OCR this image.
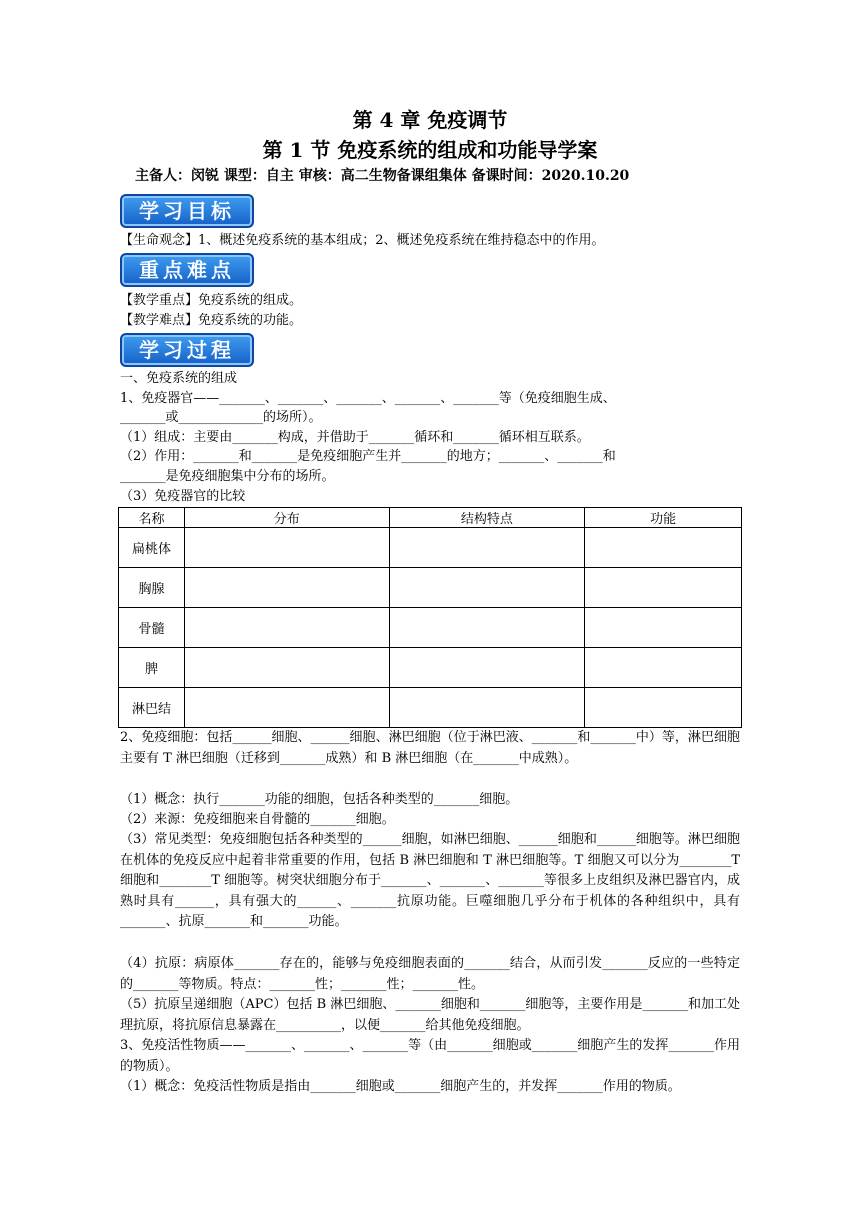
第 4 章 免疫调节
第 1 节 免疫系统的组成和功能导学案
主备人：闵锐 课型：自主 审核：高二生物备课组集体 备课时间：2020.10.20
学习目标
【生命观念】1、概述免疫系统的基本组成；2、概述免疫系统在维持稳态中的作用。
重点难点
【教学重点】免疫系统的组成。
【教学难点】免疫系统的功能。
学习过程
一、免疫系统的组成
1、免疫器官——_______、_______、_______、_______、_______等（免疫细胞生成、
_______或_____________的场所）。
（1）组成：主要由_______构成，并借助于_______循环和_______循环相互联系。
（2）作用：_______和_______是免疫细胞产生并_______的地方；_______、_______和
_______是免疫细胞集中分布的场所。
（3）免疫器官的比较
名称	分布	结构特点	功能
扁桃体			
胸腺			
骨髓			
脾			
淋巴结			
2、免疫细胞：包括______细胞、______细胞、淋巴细胞（位于淋巴液、_______和_______中）等，淋巴细胞主要有 T 淋巴细胞（迁移到_______成熟）和 B 淋巴细胞（在_______中成熟）。
（1）概念：执行_______功能的细胞，包括各种类型的_______细胞。
（2）来源：免疫细胞来自骨髓的_______细胞。
（3）常见类型：免疫细胞包括各种类型的______细胞，如淋巴细胞、______细胞和______细胞等。淋巴细胞在机体的免疫反应中起着非常重要的作用，包括 B 淋巴细胞和 T 淋巴细胞等。T 细胞又可以分为________T 细胞和________T 细胞等。树突状细胞分布于_______、_______、_______等很多上皮组织及淋巴器官内，成熟时具有______，具有强大的______、_______抗原功能。巨噬细胞几乎分布于机体的各种组织中，具有_______、抗原_______和_______功能。
（4）抗原：病原体_______存在的，能够与免疫细胞表面的_______结合，从而引发_______反应的一些特定的_______等物质。特点：_______性；_______性；_______性。
（5）抗原呈递细胞（APC）包括 B 淋巴细胞、_______细胞和_______细胞等，主要作用是_______和加工处理抗原，将抗原信息暴露在__________，以便_______给其他免疫细胞。
3、免疫活性物质——_______、_______、_______等（由_______细胞或_______细胞产生的发挥_______作用的物质）。
（1）概念：免疫活性物质是指由_______细胞或_______细胞产生的，并发挥_______作用的物质。
